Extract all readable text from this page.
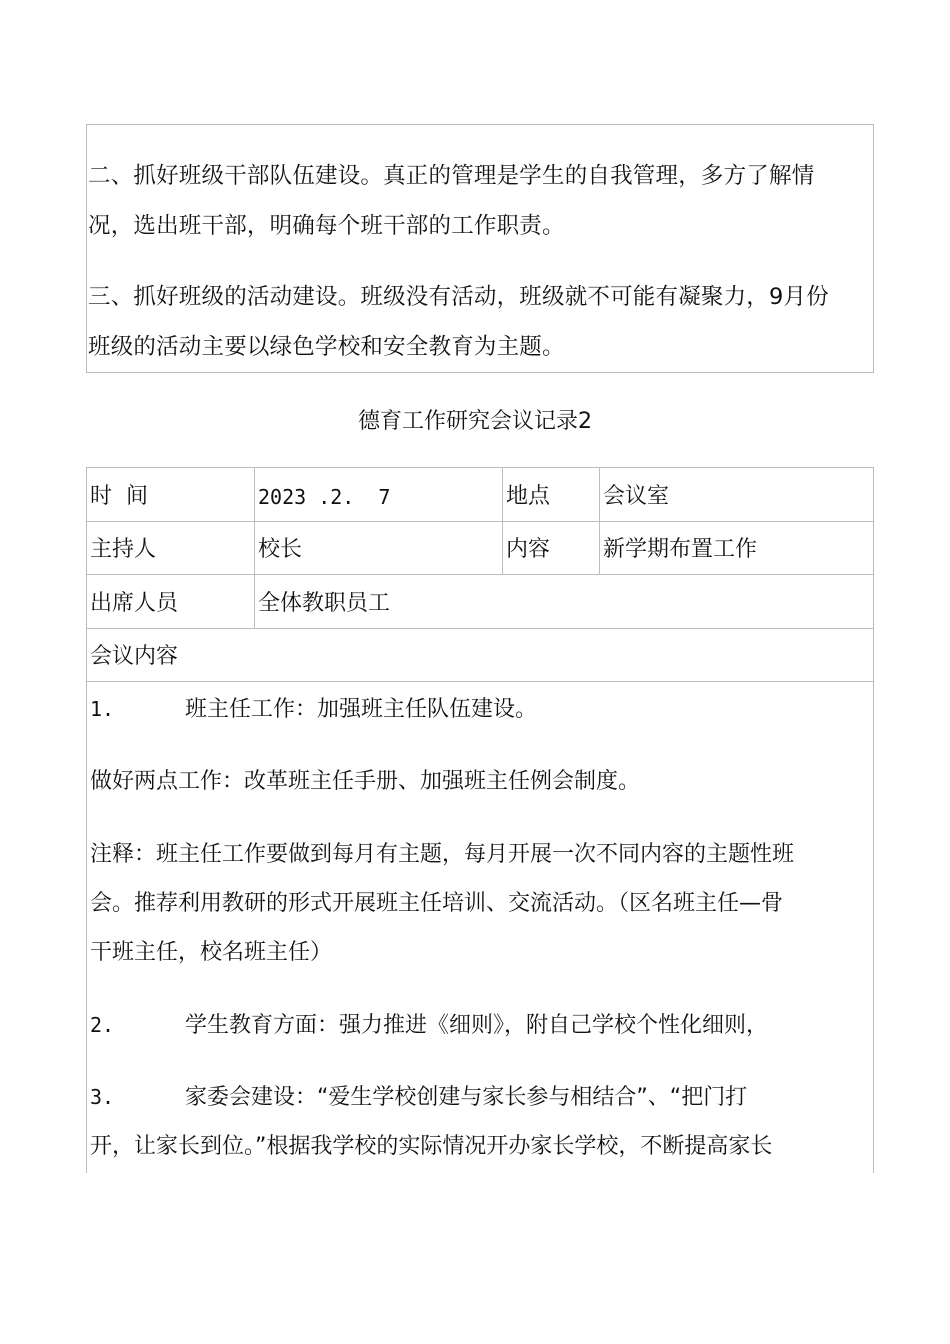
二、抓好班级干部队伍建设。真正的管理是学生的自我管理，多方了解情
况，选出班干部，明确每个班干部的工作职责。
三、抓好班级的活动建设。班级没有活动，班级就不可能有凝聚力，9月份
班级的活动主要以绿色学校和安全教育为主题。
德育工作研究会议记录2
时  间	2023 .2.  7	地点 会议室
主持人	校长	内容 新学期布置工作
出席人员	全体教职员工
会议内容
1.	班主任工作：加强班主任队伍建设。
做好两点工作：改革班主任手册、加强班主任例会制度。
注释：班主任工作要做到每月有主题，每月开展一次不同内容的主题性班
会。推荐利用教研的形式开展班主任培训、交流活动。（区名班主任—骨
干班主任，校名班主任）
2.	学生教育方面：强力推进《细则》，附自己学校个性化细则，
3.	家委会建设：“爱生学校创建与家长参与相结合”、“把门打
开，让家长到位。”根据我学校的实际情况开办家长学校，不断提高家长
